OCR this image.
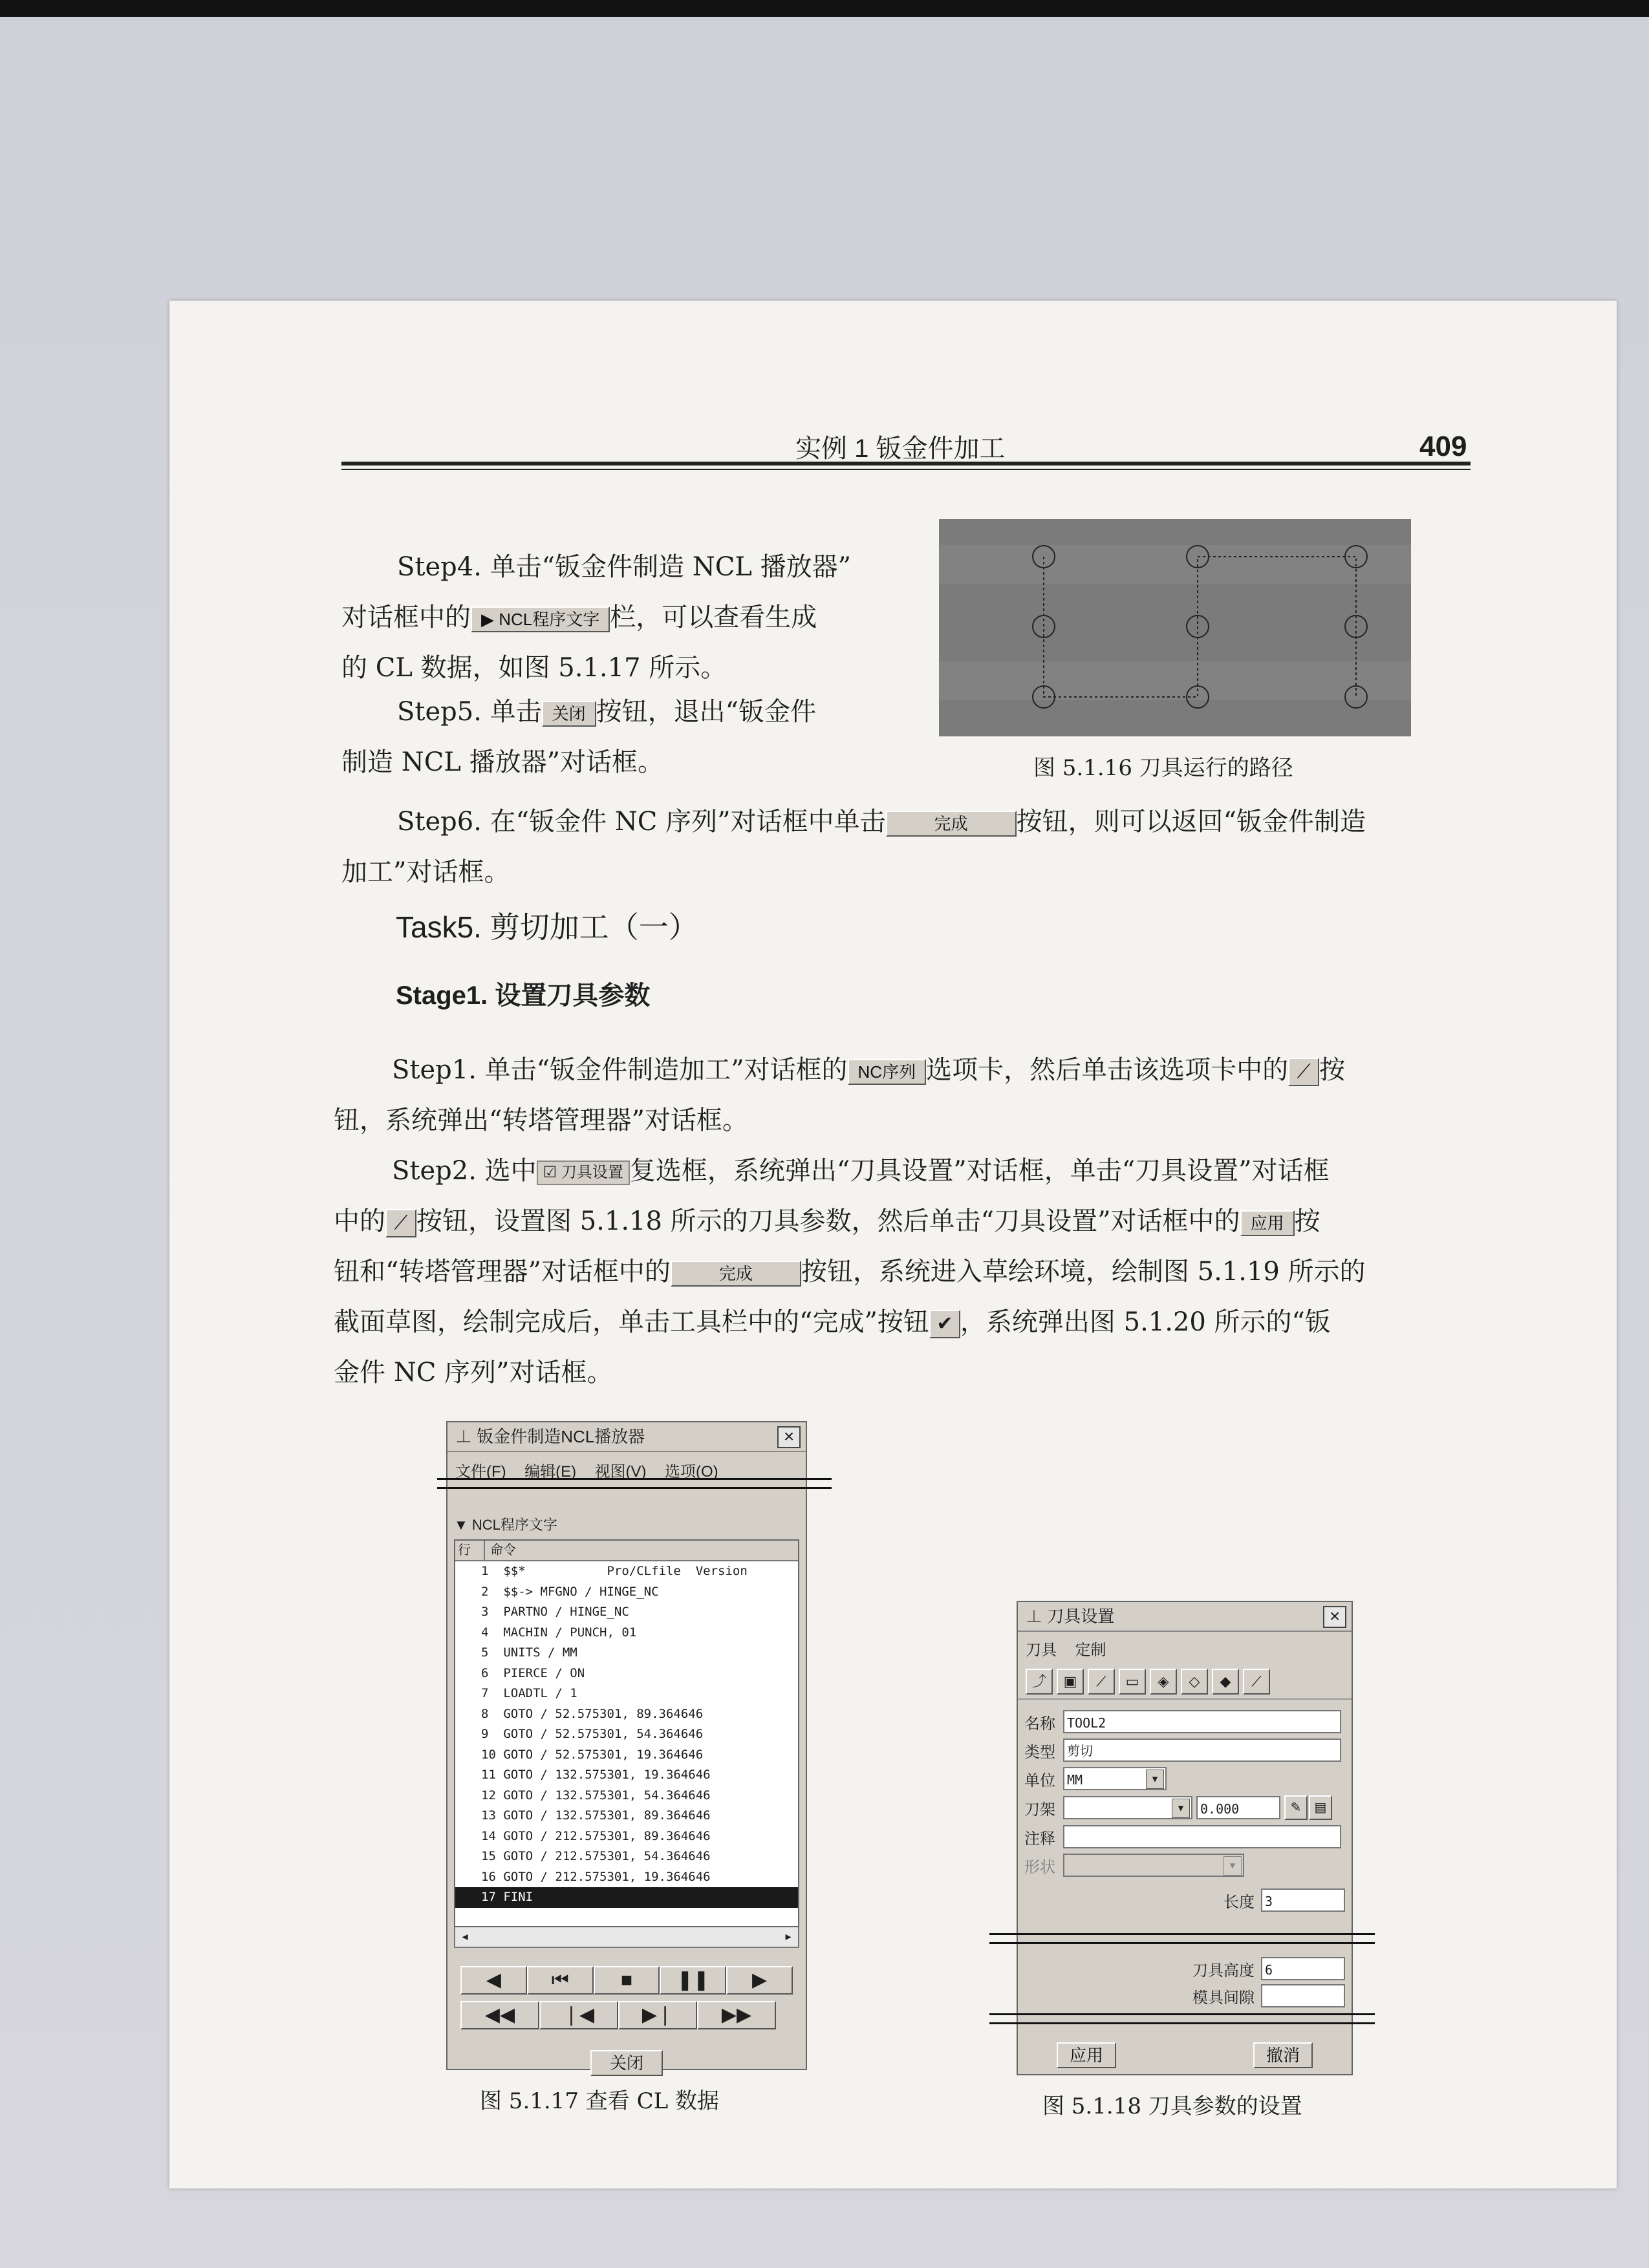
实例 1 钣金件加工	409

Step4. 单击“钣金件制造 NCL 播放器”

对话框中的 ▶ NCL程序文字 栏，可以查看生成

的 CL 数据，如图 5.1.17 所示。

Step5. 单击 关闭 按钮，退出“钣金件

制造 NCL 播放器”对话框。

Step6. 在“钣金件 NC 序列”对话框中单击	完成 按钮，则可以返回“钣金件制造

加工”对话框。

图 5.1.16 刀具运行的路径
Task5. 剪切加工（一）
Stage1. 设置刀具参数

Step1. 单击“钣金件制造加工”对话框的 NC序列 选项卡，然后单击该选项卡中的 ⟋ 按

钮，系统弹出“转塔管理器”对话框。

Step2. 选中 ☑ 刀具设置 复选框，系统弹出“刀具设置”对话框，单击“刀具设置”对话框

中的 ⟋ 按钮，设置图 5.1.18 所示的刀具参数，然后单击“刀具设置”对话框中的 应用 按

钮和“转塔管理器”对话框中的	完成 按钮，系统进入草绘环境，绘制图 5.1.19 所示的

截面草图，绘制完成后，单击工具栏中的“完成”按钮 ✔ ，系统弹出图 5.1.20 所示的“钣

金件 NC 序列”对话框。

⊥ 钣金件制造NCL播放器	×
文件(F) 编辑(E) 视图(V) 选项(O)
▼ NCL程序文字
行	命令
1  $$*           Pro/CLfile  Version
2  $$-> MFGNO / HINGE_NC
3  PARTNO / HINGE_NC
4  MACHIN / PUNCH, 01
5  UNITS / MM
6  PIERCE / ON
7  LOADTL / 1
8  GOTO / 52.575301, 89.364646
9  GOTO / 52.575301, 54.364646
10 GOTO / 52.575301, 19.364646
11 GOTO / 132.575301, 19.364646
12 GOTO / 132.575301, 54.364646
13 GOTO / 132.575301, 89.364646
14 GOTO / 212.575301, 89.364646
15 GOTO / 212.575301, 54.364646
16 GOTO / 212.575301, 19.364646
17 FINI
◂	▸
◀	⏮	■	❚❚	▶
◀◀	❘◀	▶❘	▶▶
关闭
图 5.1.17 查看 CL 数据
⊥ 刀具设置	×
刀具 定制
⤴	▣	⟋	▭	◈	◇	◆	⟋
名称 TOOL2
类型 剪切
单位 MM	▼
刀架	▼	0.000	✎	▤
注释
形状	▼
长度 3
刀具高度 6
模具间隙
应用	撤消
图 5.1.18 刀具参数的设置
